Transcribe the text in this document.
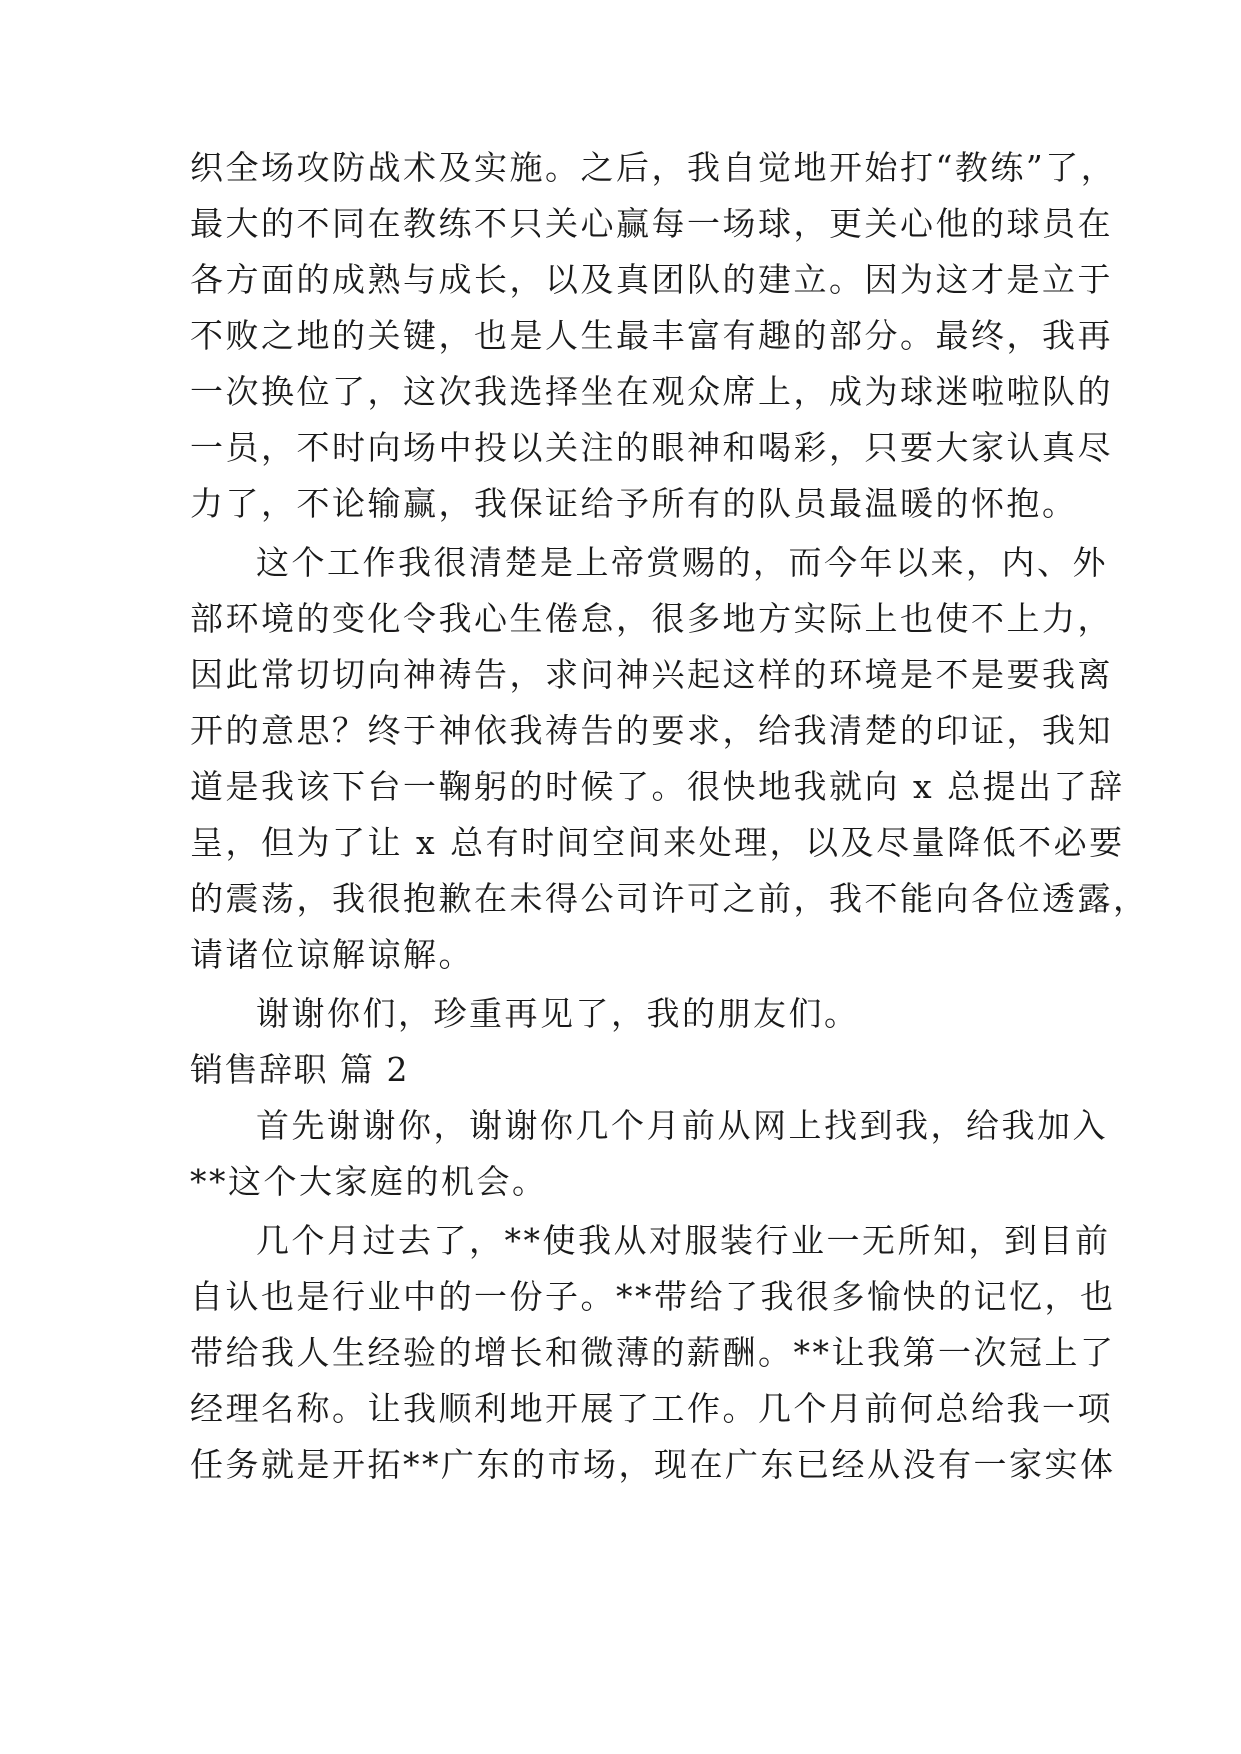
织全场攻防战术及实施。之后，我自觉地开始打“教练”了，
最大的不同在教练不只关心赢每一场球，更关心他的球员在
各方面的成熟与成长，以及真团队的建立。因为这才是立于
不败之地的关键，也是人生最丰富有趣的部分。最终，我再
一次换位了，这次我选择坐在观众席上，成为球迷啦啦队的
一员，不时向场中投以关注的眼神和喝彩，只要大家认真尽
力了，不论输赢，我保证给予所有的队员最温暖的怀抱。
这个工作我很清楚是上帝赏赐的，而今年以来，内、外
部环境的变化令我心生倦怠，很多地方实际上也使不上力，
因此常切切向神祷告，求问神兴起这样的环境是不是要我离
开的意思？终于神依我祷告的要求，给我清楚的印证，我知
道是我该下台一鞠躬的时候了。很快地我就向 x 总提出了辞
呈，但为了让 x 总有时间空间来处理，以及尽量降低不必要
的震荡，我很抱歉在未得公司许可之前，我不能向各位透露，
请诸位谅解谅解。
谢谢你们，珍重再见了，我的朋友们。
销售辞职 篇 2
首先谢谢你，谢谢你几个月前从网上找到我，给我加入
**这个大家庭的机会。
几个月过去了，**使我从对服装行业一无所知，到目前
自认也是行业中的一份子。**带给了我很多愉快的记忆，也
带给我人生经验的增长和微薄的薪酬。**让我第一次冠上了
经理名称。让我顺利地开展了工作。几个月前何总给我一项
任务就是开拓**广东的市场，现在广东已经从没有一家实体
